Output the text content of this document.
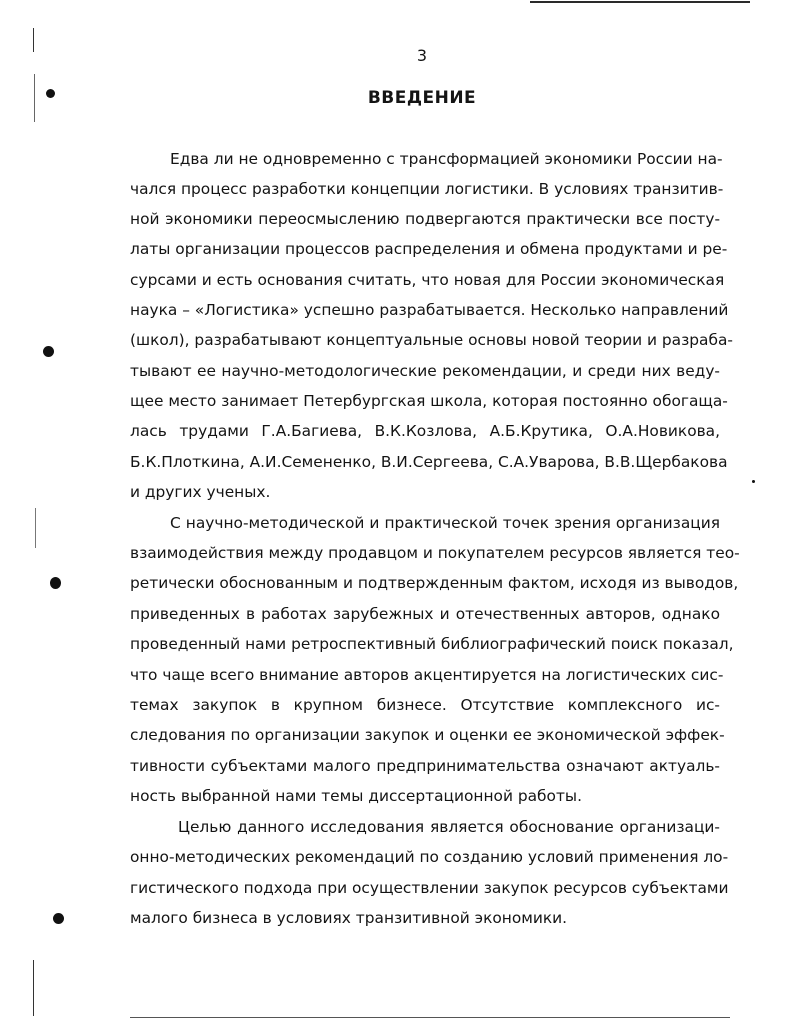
3
ВВЕДЕНИЕ
Едва ли не одновременно с трансформацией экономики России на-
чался процесс разработки концепции логистики. В условиях транзитив-
ной экономики переосмыслению подвергаются практически все посту-
латы организации процессов распределения и обмена продуктами и ре-
сурсами и есть основания считать, что новая для России экономическая
наука – «Логистика» успешно разрабатывается. Несколько направлений
(школ), разрабатывают концептуальные основы новой теории и разраба-
тывают ее научно-методологические рекомендации, и среди них веду-
щее место занимает Петербургская школа, которая постоянно обогаща-
лась трудами Г.А.Багиева, В.К.Козлова, А.Б.Крутика, О.А.Новикова,
Б.К.Плоткина, А.И.Семененко, В.И.Сергеева, С.А.Уварова, В.В.Щербакова
и других ученых.
С научно-методической и практической точек зрения организация
взаимодействия между продавцом и покупателем ресурсов является тео-
ретически обоснованным и подтвержденным фактом, исходя из выводов,
приведенных в работах зарубежных и отечественных авторов, однако
проведенный нами ретроспективный библиографический поиск показал,
что чаще всего внимание авторов акцентируется на логистических сис-
темах закупок в крупном бизнесе. Отсутствие комплексного ис-
следования по организации закупок и оценки ее экономической эффек-
тивности субъектами малого предпринимательства означают актуаль-
ность выбранной нами темы диссертационной работы.
Целью данного исследования является обоснование организаци-
онно-методических рекомендаций по созданию условий применения ло-
гистического подхода при осуществлении закупок ресурсов субъектами
малого бизнеса в условиях транзитивной экономики.
